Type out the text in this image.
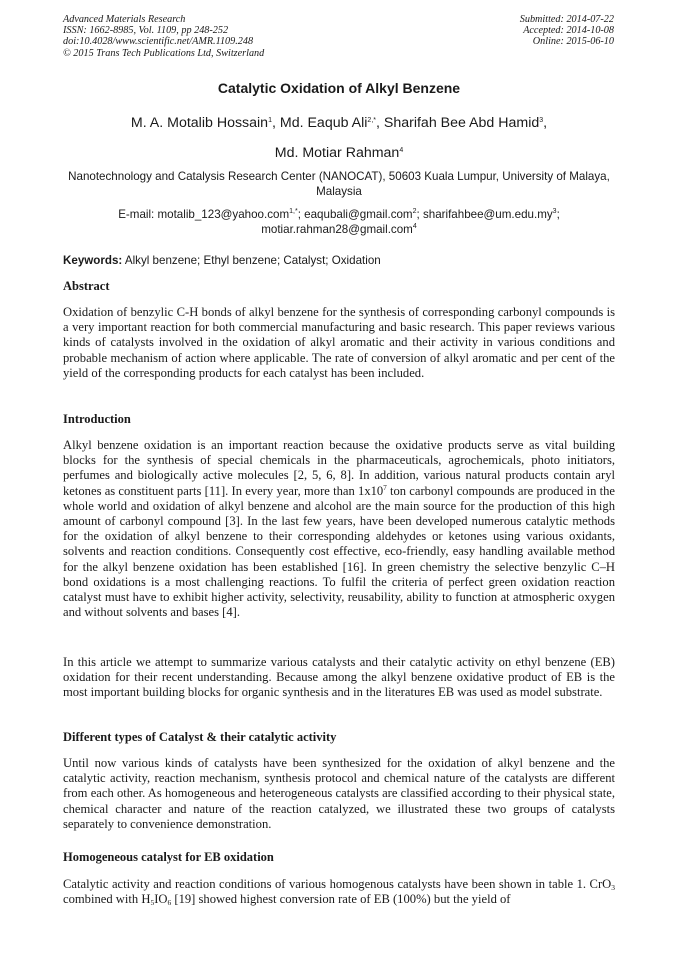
Advanced Materials Research
ISSN: 1662-8985, Vol. 1109, pp 248-252
doi:10.4028/www.scientific.net/AMR.1109.248
© 2015 Trans Tech Publications Ltd, Switzerland
Submitted: 2014-07-22
Accepted: 2014-10-08
Online: 2015-06-10
Catalytic Oxidation of Alkyl Benzene
M. A. Motalib Hossain$^1$, Md. Eaqub Ali$^{2,*}$, Sharifah Bee Abd Hamid$^3$,
Md. Motiar Rahman$^4$
Nanotechnology and Catalysis Research Center (NANOCAT), 50603 Kuala Lumpur, University of Malaya, Malaysia
E-mail: motalib_123@yahoo.com$^{1,*}$; eaqubali@gmail.com$^2$; $sharifahbee@um.edu.my^3$;
motiar.rahman28@gmail.com$^4$
Keywords: Alkyl benzene; Ethyl benzene; Catalyst; Oxidation
Abstract

Oxidation of benzylic C-H bonds of alkyl benzene for the synthesis of corresponding carbonyl compounds is a very important reaction for both commercial manufacturing and basic research. This paper reviews various kinds of catalysts involved in the oxidation of alkyl aromatic and their activity in various conditions and probable mechanism of action where applicable. The rate of conversion of alkyl aromatic and per cent of the yield of the corresponding products for each catalyst has been included.

Introduction

Alkyl benzene oxidation is an important reaction because the oxidative products serve as vital building blocks for the synthesis of special chemicals in the pharmaceuticals, agrochemicals, photo initiators, perfumes and biologically active molecules [2, 5, 6, 8]. In addition, various natural products contain aryl ketones as constituent parts [11]. In every year, more than $1x10^7$ ton carbonyl compounds are produced in the whole world and oxidation of alkyl benzene and alcohol are the main source for the production of this high amount of carbonyl compound [3]. In the last few years, have been developed numerous catalytic methods for the oxidation of alkyl benzene to their corresponding aldehydes or ketones using various oxidants, solvents and reaction conditions. Consequently cost effective, eco-friendly, easy handling available method for the alkyl benzene oxidation has been established [16]. In green chemistry the selective benzylic C–H bond oxidations is a most challenging reactions. To fulfil the criteria of perfect green oxidation reaction catalyst must have to exhibit higher activity, selectivity, reusability, ability to function at atmospheric oxygen and without solvents and bases [4].

In this article we attempt to summarize various catalysts and their catalytic activity on ethyl benzene (EB) oxidation for their recent understanding. Because among the alkyl benzene oxidative product of EB is the most important building blocks for organic synthesis and in the literatures EB was used as model substrate.

Different types of Catalyst & their catalytic activity

Until now various kinds of catalysts have been synthesized for the oxidation of alkyl benzene and the catalytic activity, reaction mechanism, synthesis protocol and chemical nature of the catalysts are different from each other. As homogeneous and heterogeneous catalysts are classified according to their physical state, chemical character and nature of the reaction catalyzed, we illustrated these two groups of catalysts separately to convenience demonstration.

Homogeneous catalyst for EB oxidation

Catalytic activity and reaction conditions of various homogenous catalysts have been shown in table 1. CrO$_3$ combined with $H_5IO_6$ [19] showed highest conversion rate of EB (100%) but the yield of
